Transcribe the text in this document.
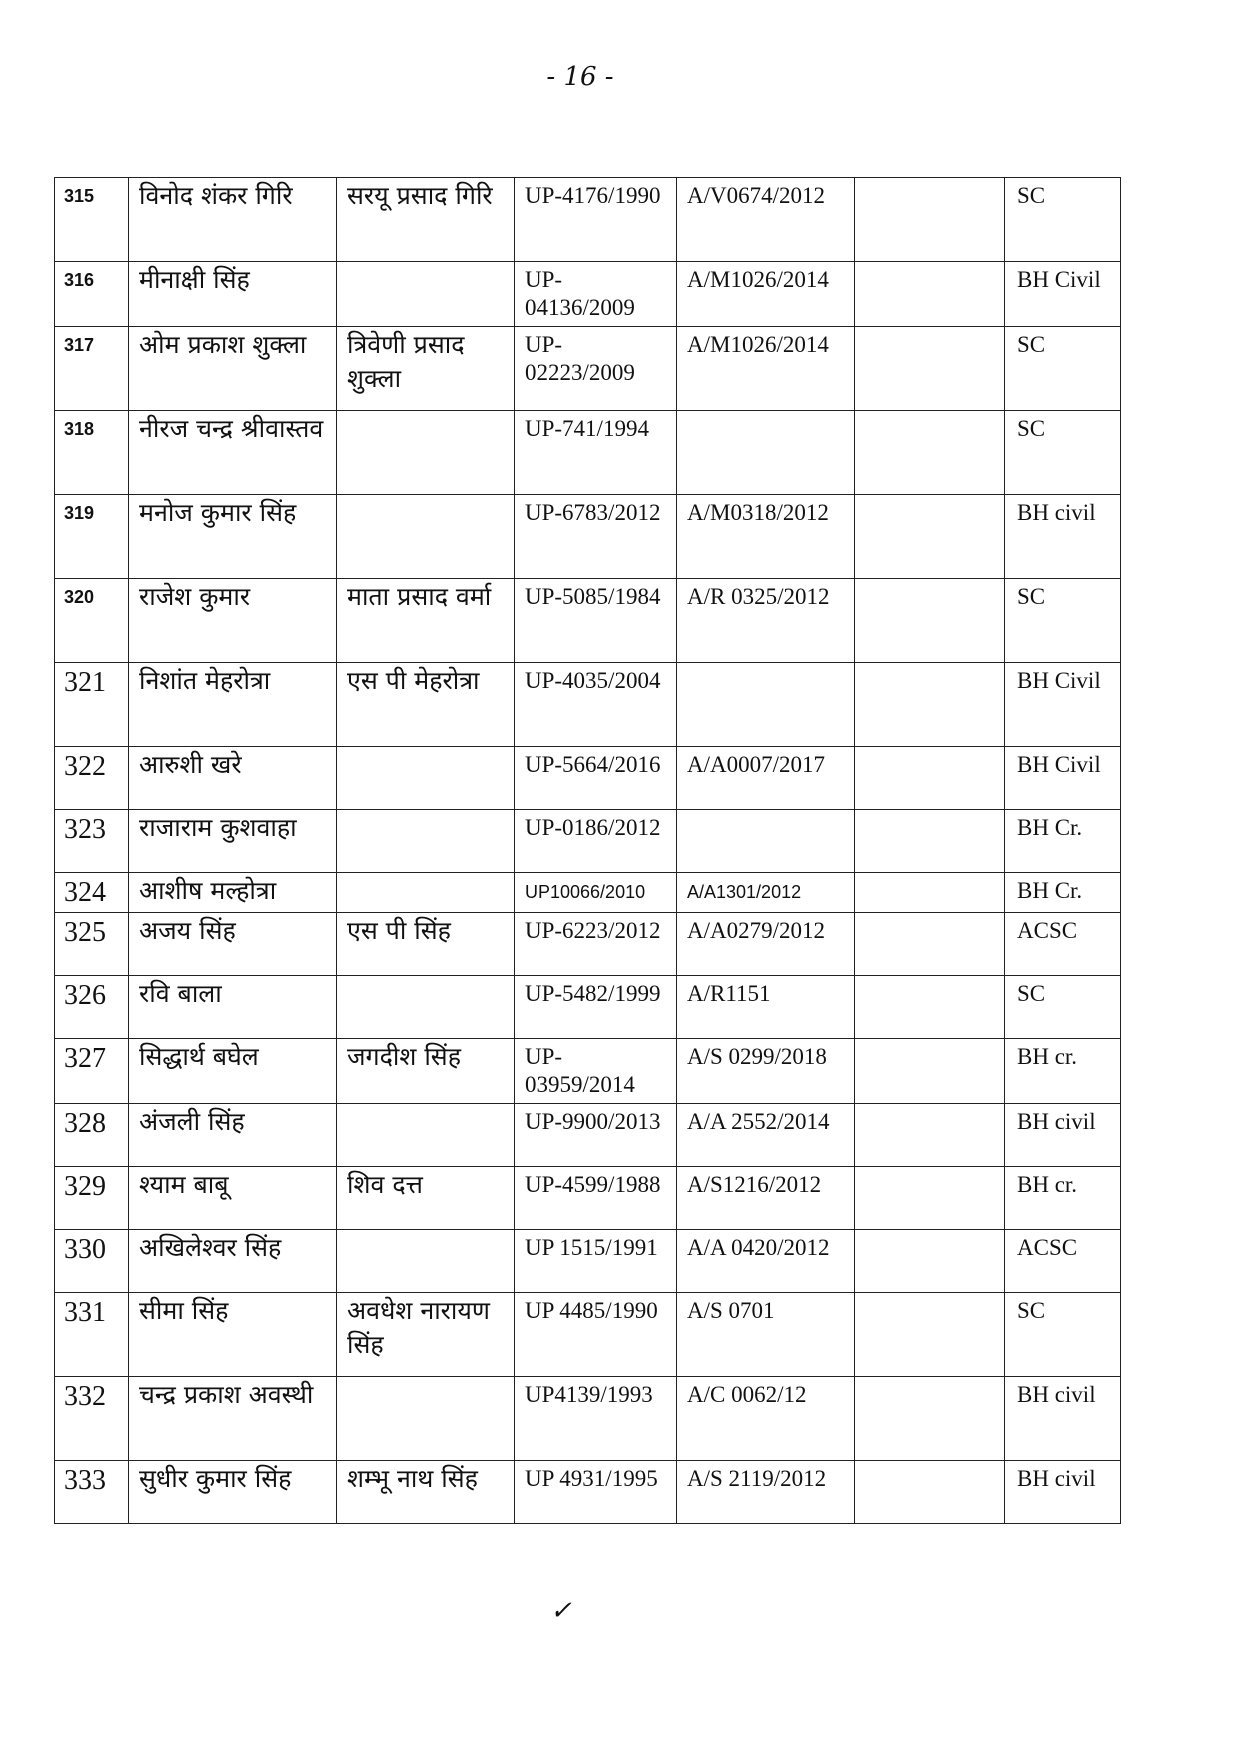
- 16 -
315	विनोद शंकर गिरि	सरयू प्रसाद गिरि	UP-4176/1990	A/V0674/2012		SC
316	मीनाक्षी सिंह		UP-04136/2009	A/M1026/2014		BH Civil
317	ओम प्रकाश शुक्ला	त्रिवेणी प्रसाद शुक्ला	UP-02223/2009	A/M1026/2014		SC
318	नीरज चन्द्र श्रीवास्तव		UP-741/1994			SC
319	मनोज कुमार सिंह		UP-6783/2012	A/M0318/2012		BH civil
320	राजेश कुमार	माता प्रसाद वर्मा	UP-5085/1984	A/R 0325/2012		SC
321	निशांत मेहरोत्रा	एस पी मेहरोत्रा	UP-4035/2004			BH Civil
322	आरुशी खरे		UP-5664/2016	A/A0007/2017		BH Civil
323	राजाराम कुशवाहा		UP-0186/2012			BH Cr.
324	आशीष मल्होत्रा		UP10066/2010	A/A1301/2012		BH Cr.
325	अजय सिंह	एस पी सिंह	UP-6223/2012	A/A0279/2012		ACSC
326	रवि बाला		UP-5482/1999	A/R1151		SC
327	सिद्धार्थ बघेल	जगदीश सिंह	UP-03959/2014	A/S 0299/2018		BH cr.
328	अंजली सिंह		UP-9900/2013	A/A 2552/2014		BH civil
329	श्याम बाबू	शिव दत्त	UP-4599/1988	A/S1216/2012		BH cr.
330	अखिलेश्वर सिंह		UP 1515/1991	A/A 0420/2012		ACSC
331	सीमा सिंह	अवधेश नारायण सिंह	UP 4485/1990	A/S 0701		SC
332	चन्द्र प्रकाश अवस्थी		UP4139/1993	A/C 0062/12		BH civil
333	सुधीर कुमार सिंह	शम्भू नाथ सिंह	UP 4931/1995	A/S 2119/2012		BH civil
✓
